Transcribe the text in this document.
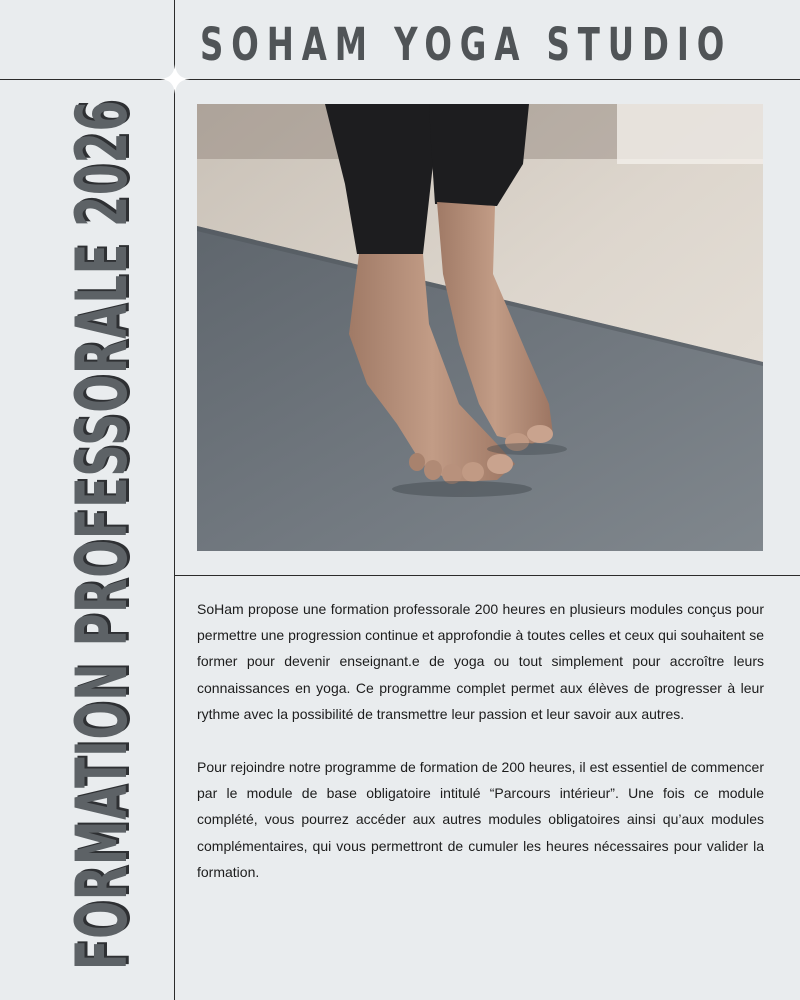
SOHAM YOGA STUDIO
FORMATION PROFESSORALE 2026	SoHam propose une formation professorale 200 heures en plusieurs modules conçus pour permettre une progression continue et approfondie à toutes celles et ceux qui souhaitent se former pour devenir enseignant.e de yoga ou tout simplement pour accroître leurs connaissances en yoga. Ce programme complet permet aux élèves de progresser à leur rythme avec la possibilité de transmettre leur passion et leur savoir aux autres.

Pour rejoindre notre programme de formation de 200 heures, il est essentiel de commencer par le module de base obligatoire intitulé “Parcours intérieur”. Une fois ce module complété, vous pourrez accéder aux autres modules obligatoires ainsi qu’aux modules complémentaires, qui vous permettront de cumuler les heures nécessaires pour valider la formation.
